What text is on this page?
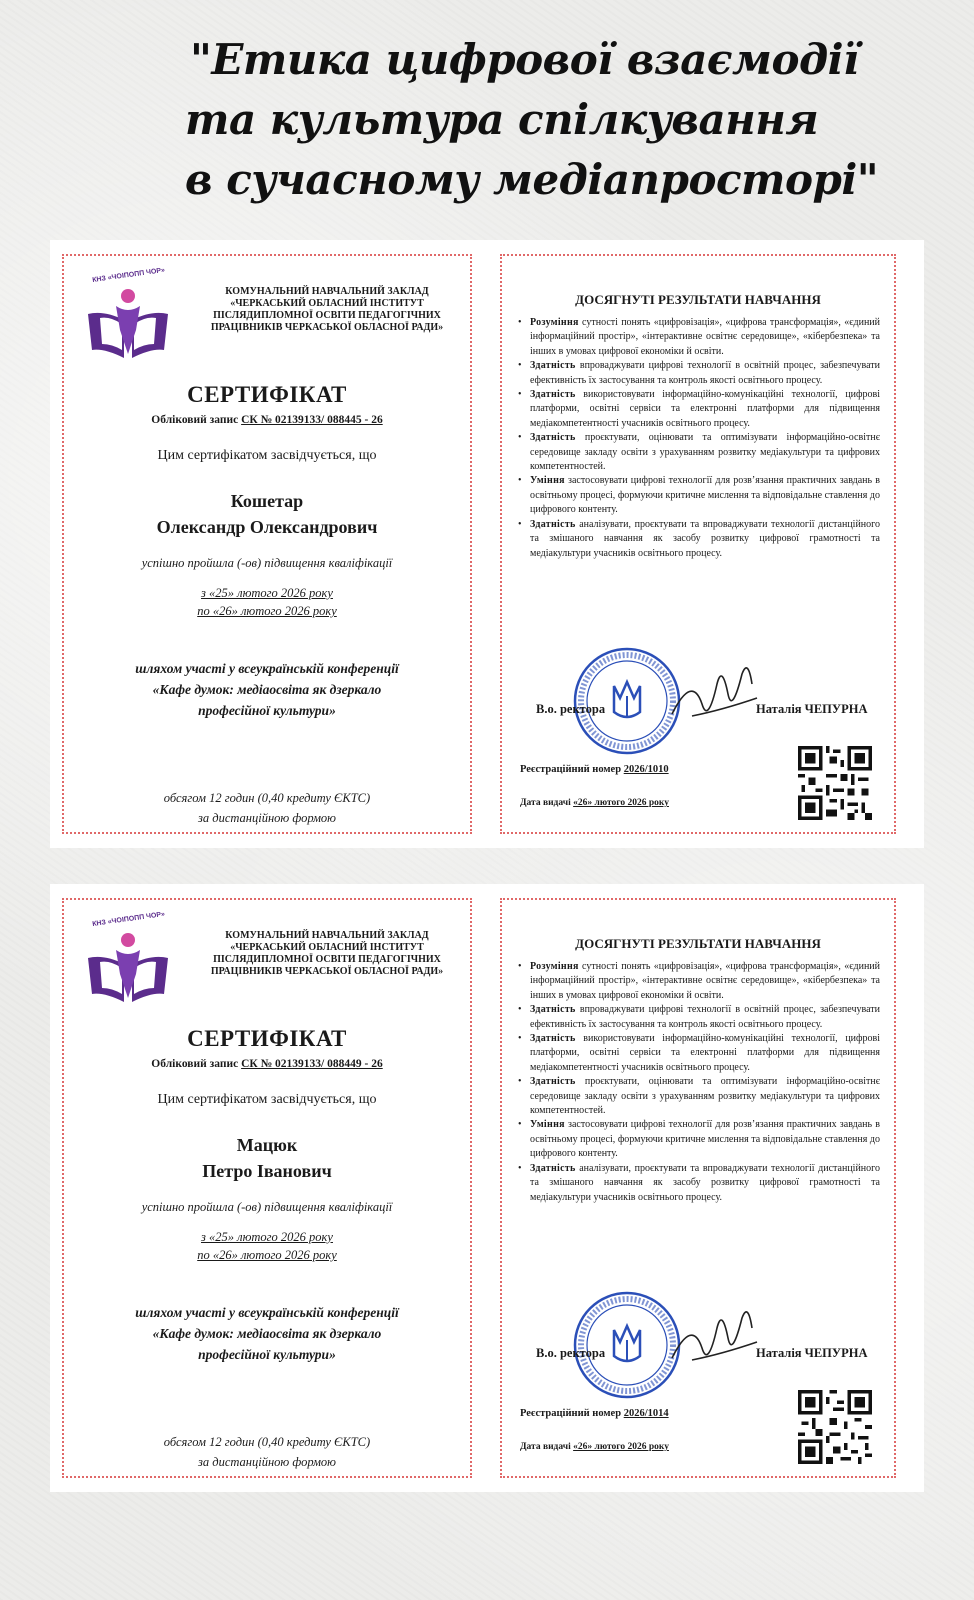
"Етика цифрової взаємодії
та культура спілкування
в сучасному медіапросторі"
КНЗ «ЧОІПОПП ЧОР»
КОМУНАЛЬНИЙ НАВЧАЛЬНИЙ ЗАКЛАД «ЧЕРКАСЬКИЙ ОБЛАСНИЙ ІНСТИТУТ ПІСЛЯДИПЛОМНОЇ ОСВІТИ ПЕДАГОГІЧНИХ ПРАЦІВНИКІВ ЧЕРКАСЬКОЇ ОБЛАСНОЇ РАДИ»
СЕРТИФІКАТ
Обліковий запис СК № 02139133/ 088445 - 26
Цим сертифікатом засвідчується, що
Кошетар
Олександр Олександрович
успішно пройшла (-ов) підвищення кваліфікації
з «25» лютого 2026 року
по «26» лютого 2026 року
шляхом участі у всеукраїнській конференції
«Кафе думок: медіаосвіта як дзеркало
професійної культури»
обсягом 12 годин (0,40 кредиту ЄКТС)
за дистанційною формою
ДОСЯГНУТІ РЕЗУЛЬТАТИ НАВЧАННЯ
• Розуміння сутності понять «цифровізація», «цифрова трансформація», «єдиний інформаційний простір», «інтерактивне освітнє середовище», «кібербезпека» та інших в умовах цифрової економіки й освіти.
• Здатність впроваджувати цифрові технології в освітній процес, забезпечувати ефективність їх застосування та контроль якості освітнього процесу.
• Здатність використовувати інформаційно-комунікаційні технології, цифрові платформи, освітні сервіси та електронні платформи для підвищення медіакомпетентності учасників освітнього процесу.
• Здатність проєктувати, оцінювати та оптимізувати інформаційно-освітнє середовище закладу освіти з урахуванням розвитку медіакультури та цифрових компетентностей.
• Уміння застосовувати цифрові технології для розв’язання практичних завдань в освітньому процесі, формуючи критичне мислення та відповідальне ставлення до цифрового контенту.
• Здатність аналізувати, проєктувати та впроваджувати технології дистанційного та змішаного навчання як засобу розвитку цифрової грамотності та медіакультури учасників освітнього процесу.
В.о. ректора	Наталія ЧЕПУРНА
Реєстраційний номер 2026/1010
Дата видачі «26» лютого 2026 року
КНЗ «ЧОІПОПП ЧОР»
КОМУНАЛЬНИЙ НАВЧАЛЬНИЙ ЗАКЛАД «ЧЕРКАСЬКИЙ ОБЛАСНИЙ ІНСТИТУТ ПІСЛЯДИПЛОМНОЇ ОСВІТИ ПЕДАГОГІЧНИХ ПРАЦІВНИКІВ ЧЕРКАСЬКОЇ ОБЛАСНОЇ РАДИ»
СЕРТИФІКАТ
Обліковий запис СК № 02139133/ 088449 - 26
Цим сертифікатом засвідчується, що
Мацюк
Петро Іванович
успішно пройшла (-ов) підвищення кваліфікації
з «25» лютого 2026 року
по «26» лютого 2026 року
шляхом участі у всеукраїнській конференції
«Кафе думок: медіаосвіта як дзеркало
професійної культури»
обсягом 12 годин (0,40 кредиту ЄКТС)
за дистанційною формою
ДОСЯГНУТІ РЕЗУЛЬТАТИ НАВЧАННЯ
• Розуміння сутності понять «цифровізація», «цифрова трансформація», «єдиний інформаційний простір», «інтерактивне освітнє середовище», «кібербезпека» та інших в умовах цифрової економіки й освіти.
• Здатність впроваджувати цифрові технології в освітній процес, забезпечувати ефективність їх застосування та контроль якості освітнього процесу.
• Здатність використовувати інформаційно-комунікаційні технології, цифрові платформи, освітні сервіси та електронні платформи для підвищення медіакомпетентності учасників освітнього процесу.
• Здатність проєктувати, оцінювати та оптимізувати інформаційно-освітнє середовище закладу освіти з урахуванням розвитку медіакультури та цифрових компетентностей.
• Уміння застосовувати цифрові технології для розв’язання практичних завдань в освітньому процесі, формуючи критичне мислення та відповідальне ставлення до цифрового контенту.
• Здатність аналізувати, проєктувати та впроваджувати технології дистанційного та змішаного навчання як засобу розвитку цифрової грамотності та медіакультури учасників освітнього процесу.
В.о. ректора	Наталія ЧЕПУРНА
Реєстраційний номер 2026/1014
Дата видачі «26» лютого 2026 року
